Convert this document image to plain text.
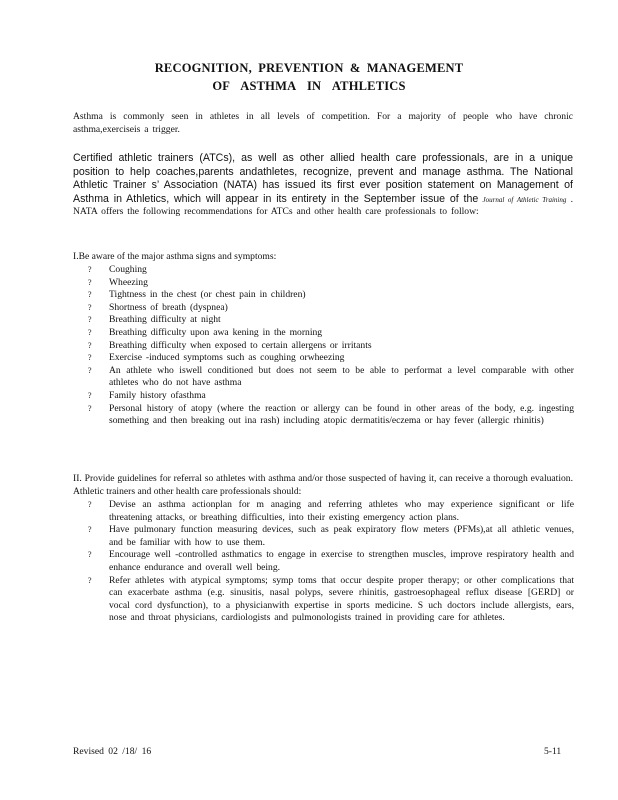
RECOGNITION, PREVENTION & MANAGEMENT
OF ASTHMA IN ATHLETICS
Asthma is commonly seen in athletes in all levels of competition. For a majority of people who have chronic asthma,exerciseis a trigger.
Certified athletic trainers (ATCs), as well as other allied health care professionals, are in a unique position to help coaches,parents andathletes, recognize, prevent and manage asthma. The National Athletic Trainer s’ Association (NATA) has issued its first ever position statement on Management of Asthma in Athletics, which will appear in its entirety in the September issue of the Journal of Athletic Training . NATA offers the following recommendations for ATCs and other health care professionals to follow:
I.Be aware of the major asthma signs and symptoms:
? Coughing
? Wheezing
? Tightness in the chest (or chest pain in children)
? Shortness of breath (dyspnea)
? Breathing difficulty at night
? Breathing difficulty upon awa kening in the morning
? Breathing difficulty when exposed to certain allergens or irritants
? Exercise -induced symptoms such as coughing orwheezing
? An athlete who iswell conditioned but does not seem to be able to performat a level comparable with other athletes who do not have asthma
? Family history ofasthma
? Personal history of atopy (where the reaction or allergy can be found in other areas of the body, e.g. ingesting something and then breaking out ina rash) including atopic dermatitis/eczema or hay fever (allergic rhinitis)
II. Provide guidelines for referral so athletes with asthma and/or those suspected of having it, can receive a thorough evaluation. Athletic trainers and other health care professionals should:
? Devise an asthma actionplan for m anaging and referring athletes who may experience significant or life threatening attacks, or breathing difficulties, into their existing emergency action plans.
? Have pulmonary function measuring devices, such as peak expiratory flow meters (PFMs),at all athletic venues, and be familiar with how to use them.
? Encourage well -controlled asthmatics to engage in exercise to strengthen muscles, improve respiratory health and enhance endurance and overall well being.
? Refer athletes with atypical symptoms; symp toms that occur despite proper therapy; or other complications that can exacerbate asthma (e.g. sinusitis, nasal polyps, severe rhinitis, gastroesophageal reflux disease [GERD] or vocal cord dysfunction), to a physicianwith expertise in sports medicine. S uch doctors include allergists, ears, nose and throat physicians, cardiologists and pulmonologists trained in providing care for athletes.
Revised 02 /18/ 16	5-11
